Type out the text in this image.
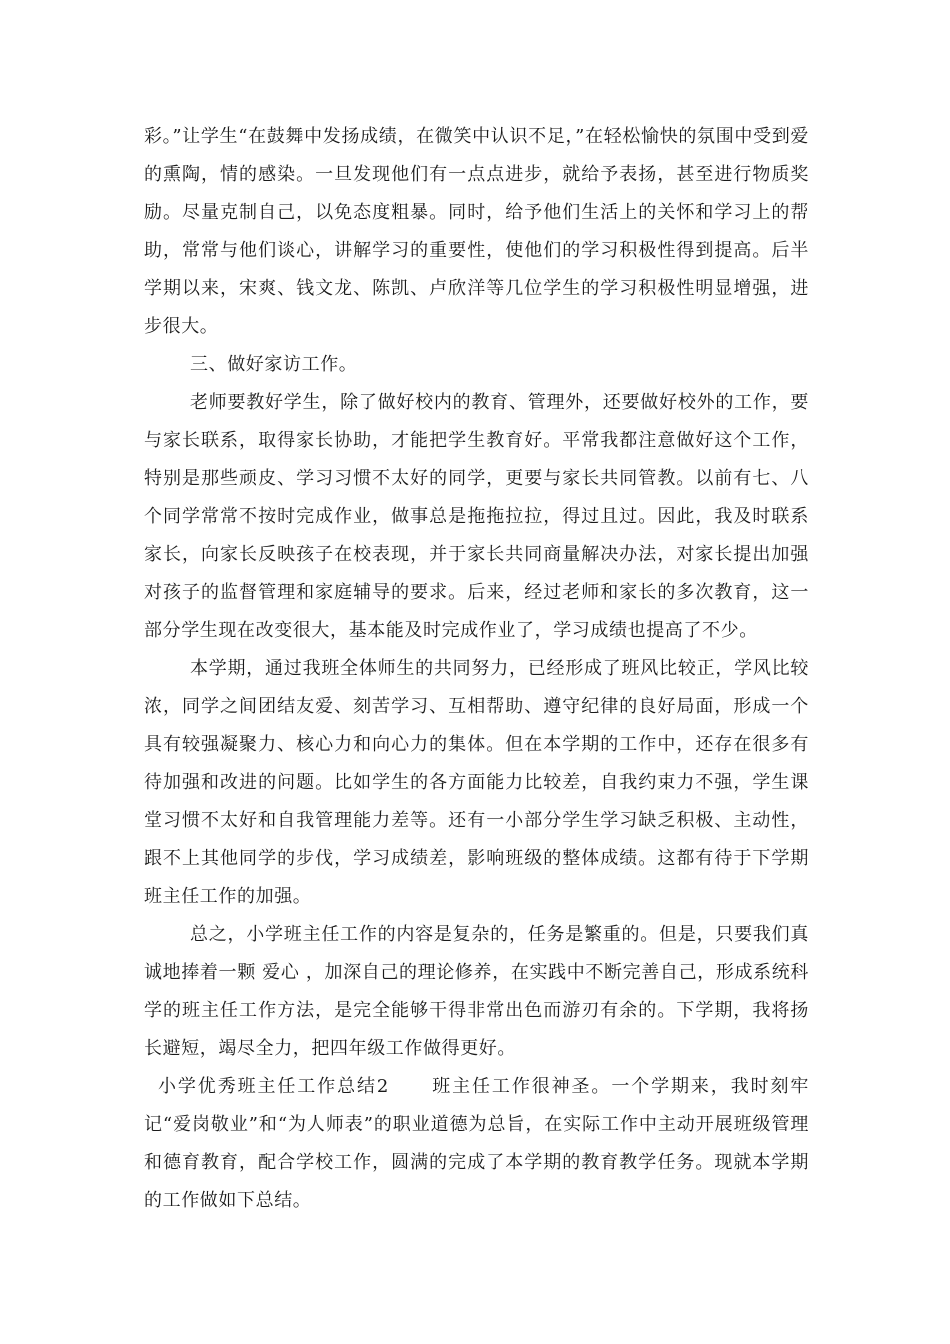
彩。”让学生“在鼓舞中发扬成绩，在微笑中认识不足，”在轻松愉快的氛围中受到爱的熏陶，情的感染。一旦发现他们有一点点进步，就给予表扬，甚至进行物质奖励。尽量克制自己，以免态度粗暴。同时，给予他们生活上的关怀和学习上的帮助，常常与他们谈心，讲解学习的重要性，使他们的学习积极性得到提高。后半学期以来，宋爽、钱文龙、陈凯、卢欣洋等几位学生的学习积极性明显增强，进步很大。

三、做好家访工作。

老师要教好学生，除了做好校内的教育、管理外，还要做好校外的工作，要与家长联系，取得家长协助，才能把学生教育好。平常我都注意做好这个工作，特别是那些顽皮、学习习惯不太好的同学，更要与家长共同管教。以前有七、八个同学常常不按时完成作业，做事总是拖拖拉拉，得过且过。因此，我及时联系家长，向家长反映孩子在校表现，并于家长共同商量解决办法，对家长提出加强对孩子的监督管理和家庭辅导的要求。后来，经过老师和家长的多次教育，这一部分学生现在改变很大，基本能及时完成作业了，学习成绩也提高了不少。

本学期，通过我班全体师生的共同努力，已经形成了班风比较正，学风比较浓，同学之间团结友爱、刻苦学习、互相帮助、遵守纪律的良好局面，形成一个具有较强凝聚力、核心力和向心力的集体。但在本学期的工作中，还存在很多有待加强和改进的问题。比如学生的各方面能力比较差，自我约束力不强，学生课堂习惯不太好和自我管理能力差等。还有一小部分学生学习缺乏积极、主动性，跟不上其他同学的步伐，学习成绩差，影响班级的整体成绩。这都有待于下学期班主任工作的加强。

总之，小学班主任工作的内容是复杂的，任务是繁重的。但是，只要我们真诚地捧着一颗 爱心 ，加深自己的理论修养，在实践中不断完善自己，形成系统科学的班主任工作方法，是完全能够干得非常出色而游刃有余的。下学期，我将扬长避短，竭尽全力，把四年级工作做得更好。

小学优秀班主任工作总结2 班主任工作很神圣。一个学期来，我时刻牢记“爱岗敬业”和“为人师表”的职业道德为总旨，在实际工作中主动开展班级管理和德育教育，配合学校工作，圆满的完成了本学期的教育教学任务。现就本学期的工作做如下总结。
